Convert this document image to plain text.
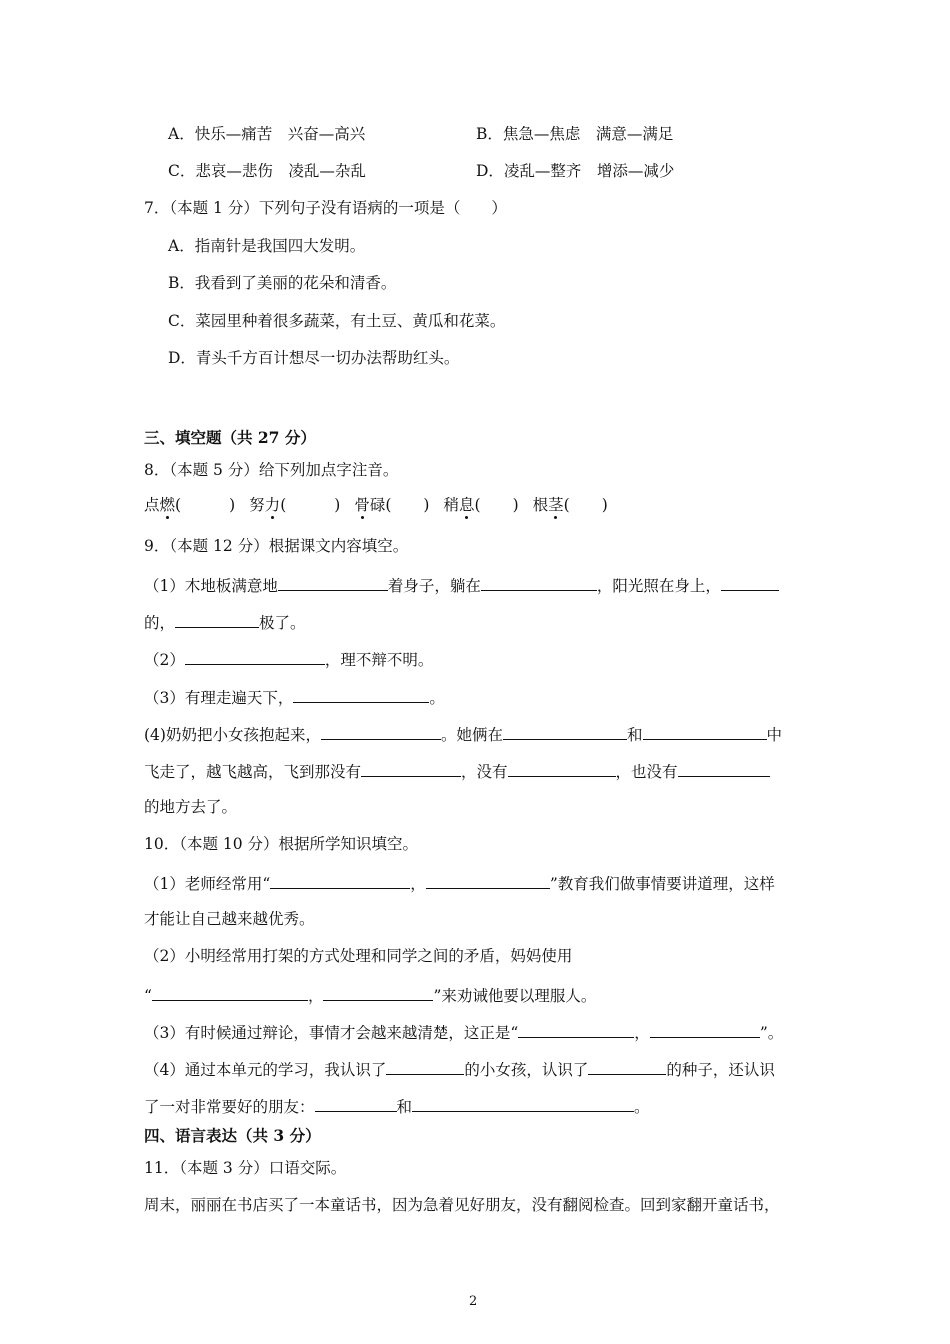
A．快乐—痛苦　兴奋—高兴	B．焦急—焦虑　满意—满足
C．悲哀—悲伤　凌乱—杂乱	D．凌乱—整齐　增添—减少
7．（本题 1 分）下列句子没有语病的一项是（　　）
A．指南针是我国四大发明。
B．我看到了美丽的花朵和清香。
C．菜园里种着很多蔬菜，有土豆、黄瓜和花菜。
D．青头千方百计想尽一切办法帮助红头。
三、填空题（共 27 分）
8．（本题 5 分）给下列加点字注音。
点燃(	) 努力(	) 骨碌( ) 稍息( ) 根茎( )
9．（本题 12 分）根据课文内容填空。
（1）木地板满意地	着身子，躺在	，阳光照在身上，
的，	极了。
（2）	，理不辩不明。
（3）有理走遍天下，	。
(4)奶奶把小女孩抱起来，	。她俩在	和	中
飞走了，越飞越高，飞到那没有	，没有	，也没有
的地方去了。
10．（本题 10 分）根据所学知识填空。
（1）老师经常用“	，	”教育我们做事情要讲道理，这样
才能让自己越来越优秀。
（2）小明经常用打架的方式处理和同学之间的矛盾，妈妈使用
“	，	”来劝诫他要以理服人。
（3）有时候通过辩论，事情才会越来越清楚，这正是“	，	”。
（4）通过本单元的学习，我认识了	的小女孩，认识了	的种子，还认识
了一对非常要好的朋友：	和	。
四、语言表达（共 3 分）
11．（本题 3 分）口语交际。
周末，丽丽在书店买了一本童话书，因为急着见好朋友，没有翻阅检查。回到家翻开童话书，
2
